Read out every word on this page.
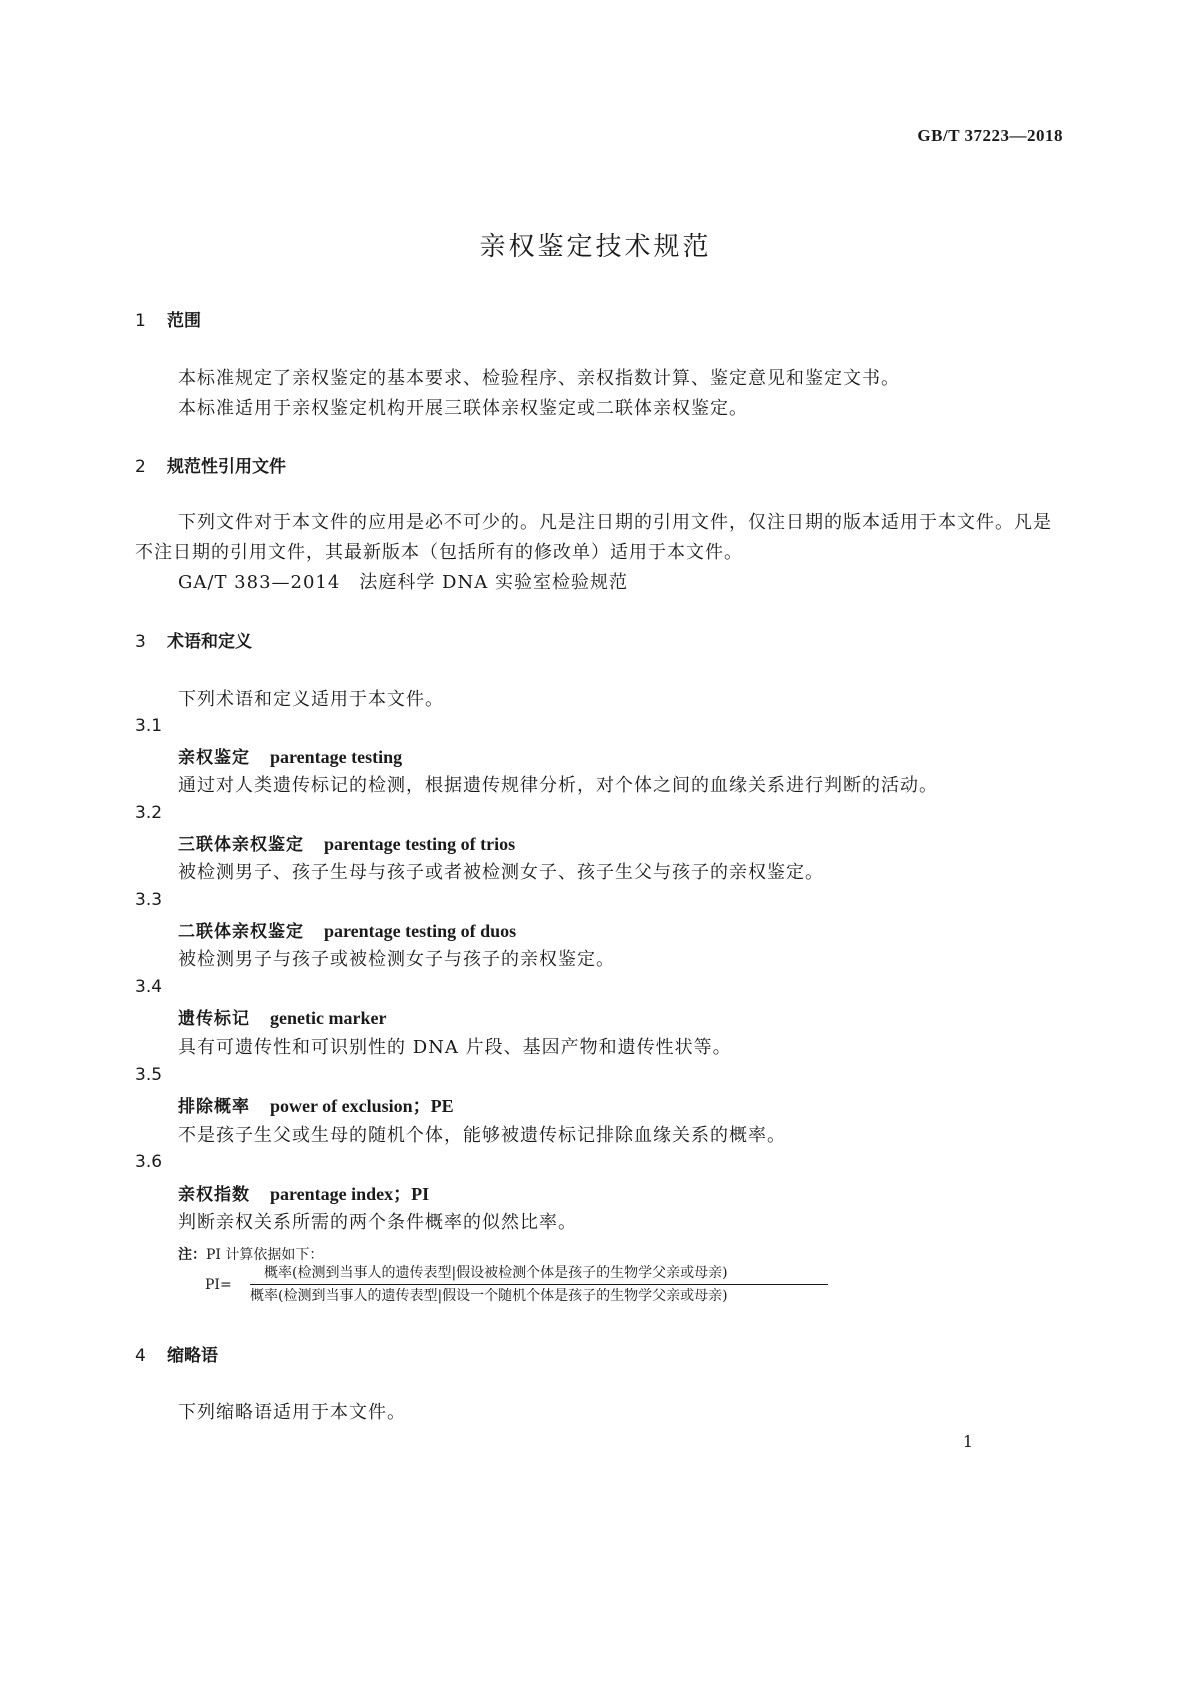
GB/T 37223—2018
亲权鉴定技术规范
1 范围
本标准规定了亲权鉴定的基本要求、检验程序、亲权指数计算、鉴定意见和鉴定文书。
本标准适用于亲权鉴定机构开展三联体亲权鉴定或二联体亲权鉴定。
2 规范性引用文件
下列文件对于本文件的应用是必不可少的。凡是注日期的引用文件，仅注日期的版本适用于本文件。凡是不注日期的引用文件，其最新版本（包括所有的修改单）适用于本文件。
GA/T 383—2014　法庭科学 DNA 实验室检验规范
3 术语和定义
下列术语和定义适用于本文件。
3.1
亲权鉴定 parentage testing
通过对人类遗传标记的检测，根据遗传规律分析，对个体之间的血缘关系进行判断的活动。
3.2
三联体亲权鉴定 parentage testing of trios
被检测男子、孩子生母与孩子或者被检测女子、孩子生父与孩子的亲权鉴定。
3.3
二联体亲权鉴定 parentage testing of duos
被检测男子与孩子或被检测女子与孩子的亲权鉴定。
3.4
遗传标记 genetic marker
具有可遗传性和可识别性的 DNA 片段、基因产物和遗传性状等。
3.5
排除概率 power of exclusion；PE
不是孩子生父或生母的随机个体，能够被遗传标记排除血缘关系的概率。
3.6
亲权指数 parentage index；PI
判断亲权关系所需的两个条件概率的似然比率。
注：PI 计算依据如下：
PI=
概率(检测到当事人的遗传表型|假设被检测个体是孩子的生物学父亲或母亲)
概率(检测到当事人的遗传表型|假设一个随机个体是孩子的生物学父亲或母亲)
4 缩略语
下列缩略语适用于本文件。
1
